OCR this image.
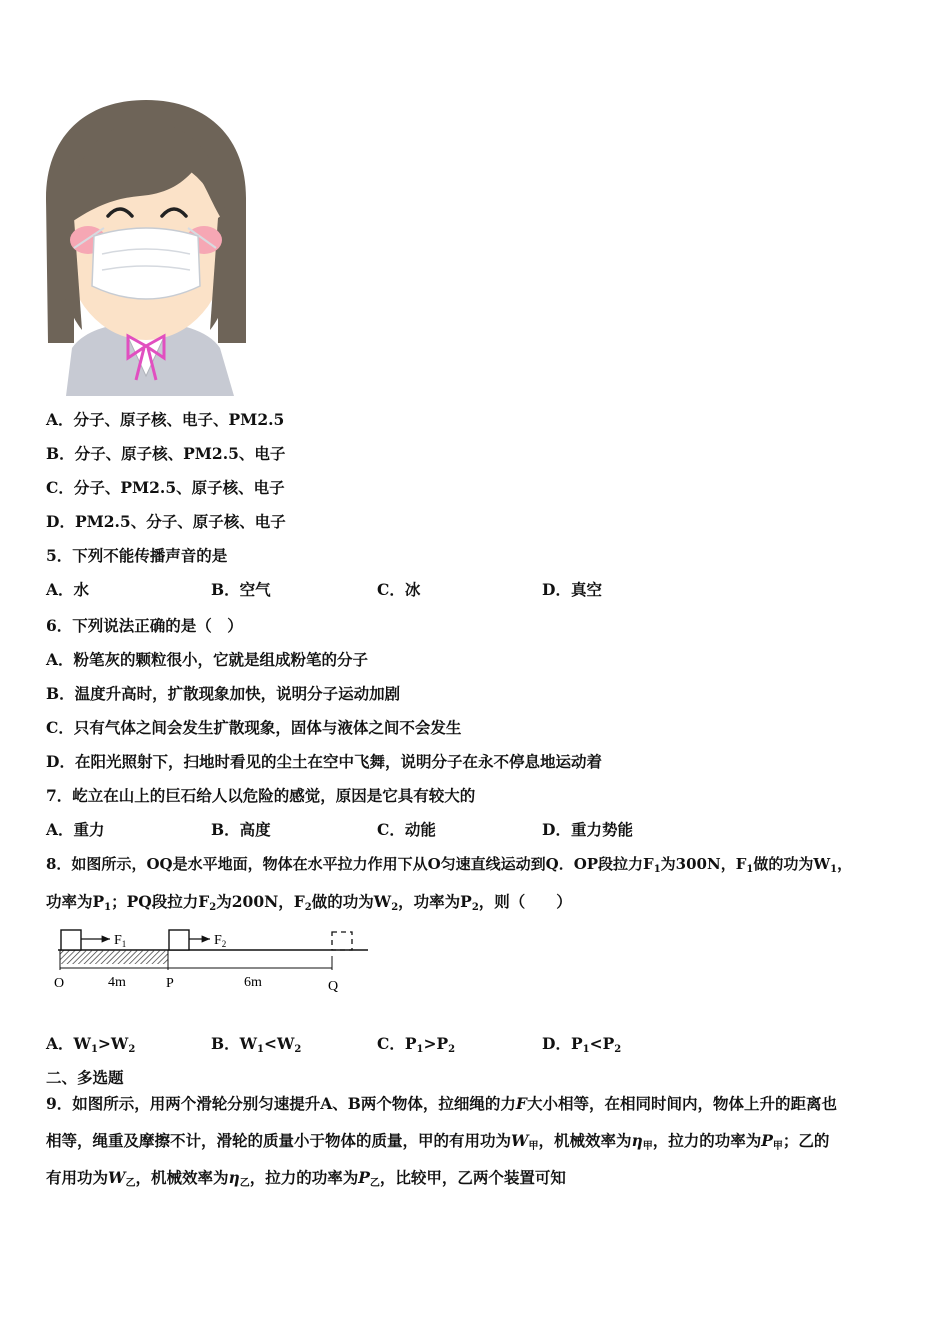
A．分子、原子核、电子、PM2.5
B．分子、原子核、PM2.5、电子
C．分子、PM2.5、原子核、电子
D．PM2.5、分子、原子核、电子
5．下列不能传播声音的是
A．水	B．空气	C．冰	D．真空
6．下列说法正确的是（　）
A．粉笔灰的颗粒很小，它就是组成粉笔的分子
B．温度升高时，扩散现象加快，说明分子运动加剧
C．只有气体之间会发生扩散现象，固体与液体之间不会发生
D．在阳光照射下，扫地时看见的尘土在空中飞舞，说明分子在永不停息地运动着
7．屹立在山上的巨石给人以危险的感觉，原因是它具有较大的
A．重力	B．高度	C．动能	D．重力势能
8．如图所示，OQ是水平地面，物体在水平拉力作用下从O匀速直线运动到Q．OP段拉力$F_1$为300N，$F_1$做的功为$W_1$，
功率为$P_1$；PQ段拉力$F_2$为200N，$F_2$做的功为$W_2$，功率为$P_2$，则（　　）
$F_1$	$F_2$
O	4m	P	6m	Q
A．$W_1>W_2$	B．$W_1<W_2$	C．$P_1>P_2$	D．$P_1<P_2$
二、多选题
9．如图所示，用两个滑轮分别匀速提升A、B两个物体，拉细绳的力F大小相等，在相同时间内，物体上升的距离也
相等，绳重及摩擦不计，滑轮的质量小于物体的质量，甲的有用功为$W_甲$，机械效率为$\eta_甲$，拉力的功率为$P_甲$；乙的
有用功为$W_乙$，机械效率为$\eta_乙$，拉力的功率为$P_乙$，比较甲，乙两个装置可知
